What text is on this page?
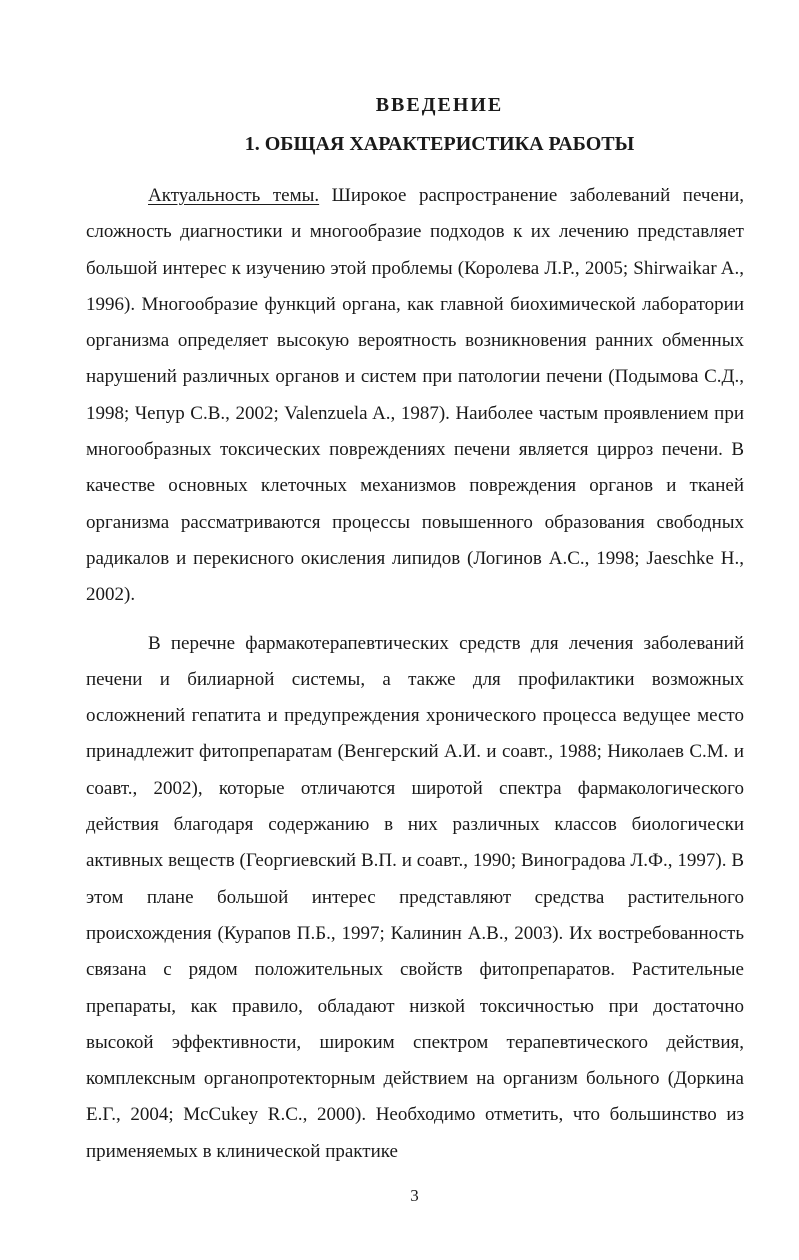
ВВЕДЕНИЕ
1. ОБЩАЯ ХАРАКТЕРИСТИКА РАБОТЫ

Актуальность темы. Широкое распространение заболеваний печени, сложность диагностики и многообразие подходов к их лечению представляет большой интерес к изучению этой проблемы (Королева Л.Р., 2005; Shirwaikar A., 1996). Многообразие функций органа, как главной биохимической лаборатории организма определяет высокую вероятность возникновения ранних обменных нарушений различных органов и систем при патологии печени (Подымова С.Д., 1998; Чепур С.В., 2002; Valenzuela A., 1987). Наиболее частым проявлением при многообразных токсических повреждениях печени является цирроз печени. В качестве основных клеточных механизмов повреждения органов и тканей организма рассматриваются процессы повышенного образования свободных радикалов и перекисного окисления липидов (Логинов А.С., 1998; Jaeschke H., 2002).

В перечне фармакотерапевтических средств для лечения заболеваний печени и билиарной системы, а также для профилактики возможных осложнений гепатита и предупреждения хронического процесса ведущее место принадлежит фитопрепаратам (Венгерский А.И. и соавт., 1988; Николаев С.М. и соавт., 2002), которые отличаются широтой спектра фармакологического действия благодаря содержанию в них различных классов биологически активных веществ (Георгиевский В.П. и соавт., 1990; Виноградова Л.Ф., 1997). В этом плане большой интерес представляют средства растительного происхождения (Курапов П.Б., 1997; Калинин А.В., 2003). Их востребованность связана с рядом положительных свойств фитопрепаратов. Растительные препараты, как правило, обладают низкой токсичностью при достаточно высокой эффективности, широким спектром терапевтического действия, комплексным органопротекторным действием на организм больного (Доркина Е.Г., 2004; McCukey R.C., 2000). Необходимо отметить, что большинство из применяемых в клинической практике

3
